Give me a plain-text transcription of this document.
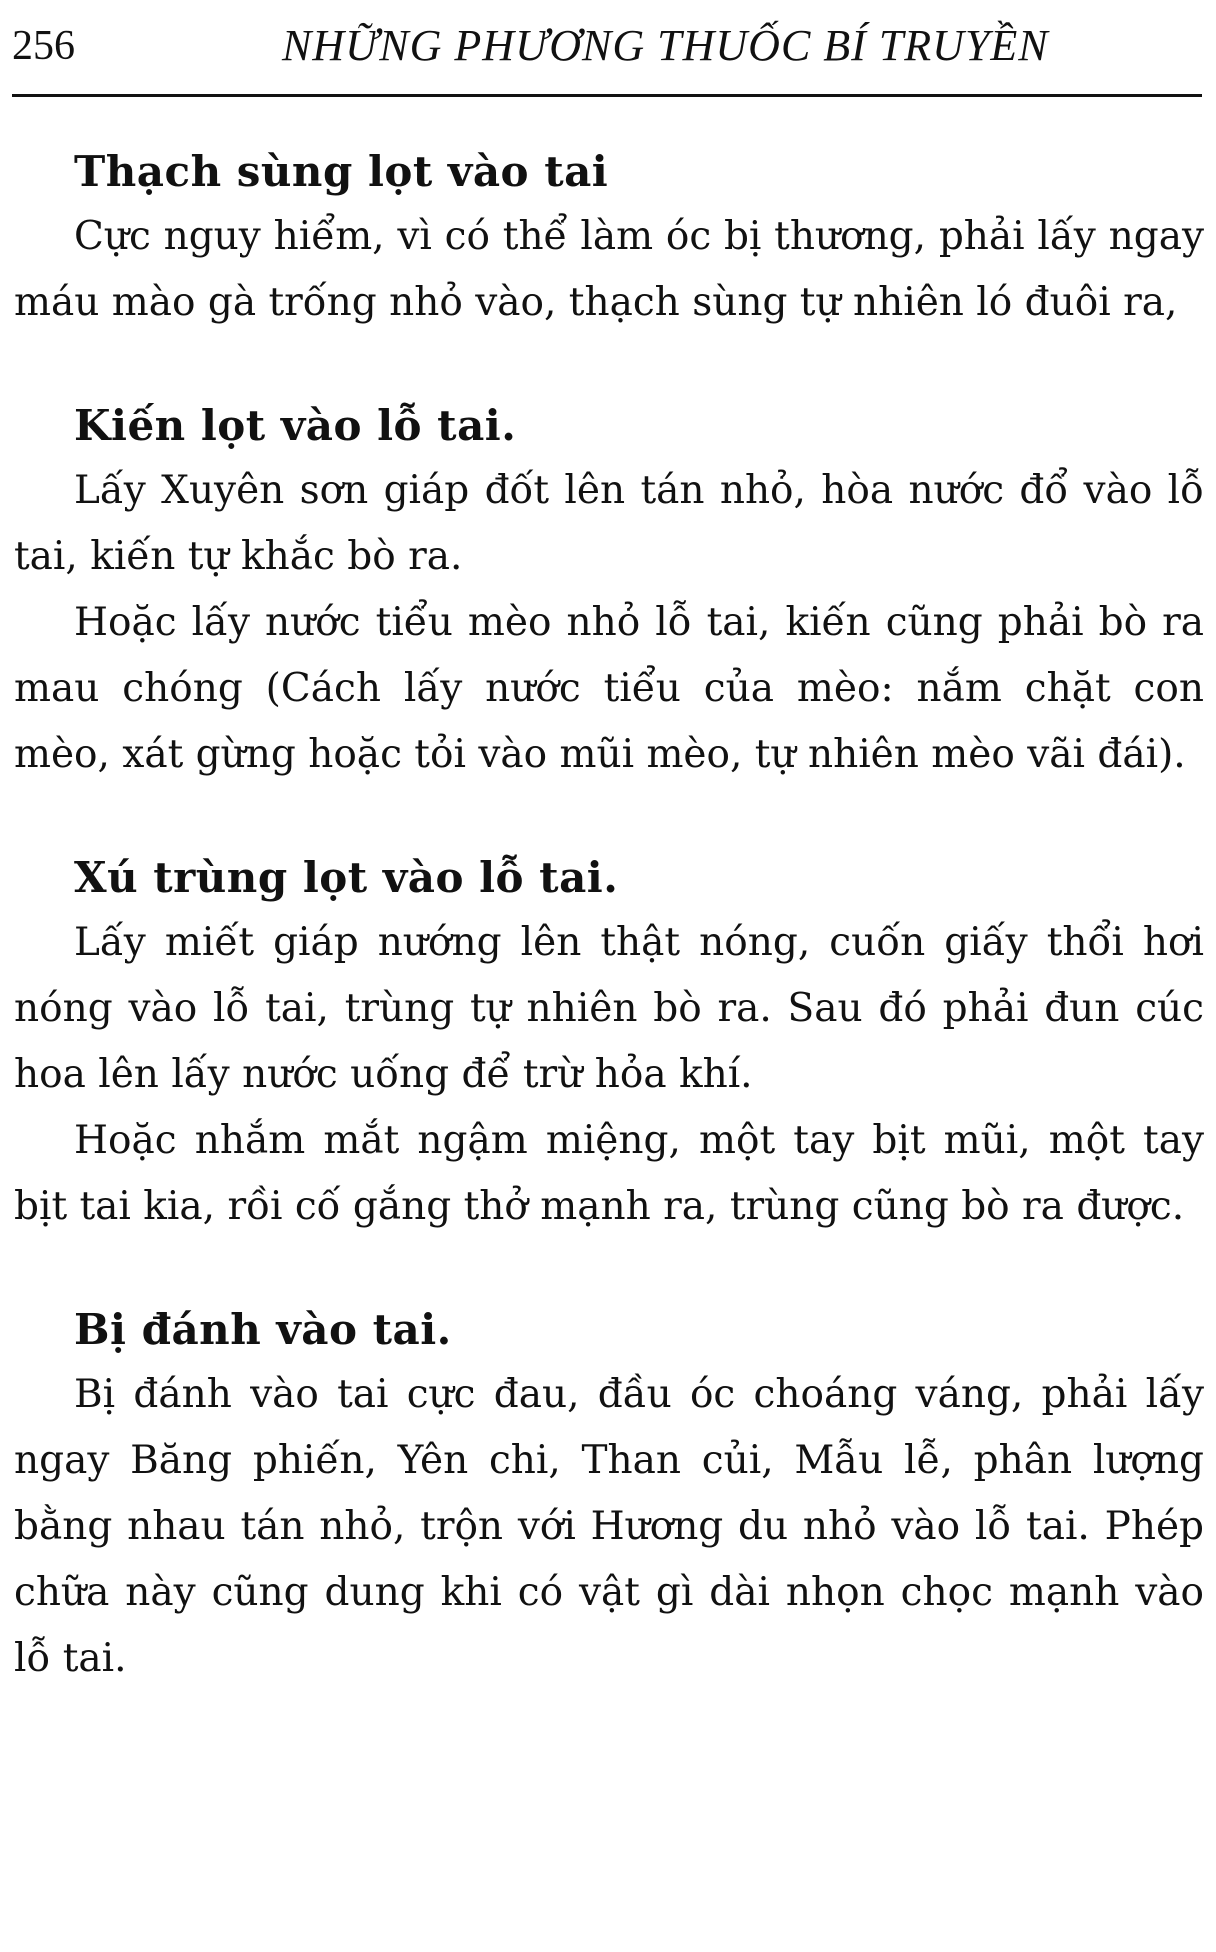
256	NHỮNG PHƯƠNG THUỐC BÍ TRUYỀN
Thạch sùng lọt vào tai

Cực nguy hiểm, vì có thể làm óc bị thương, phải lấy ngay máu mào gà trống nhỏ vào, thạch sùng tự nhiên ló đuôi ra,

Kiến lọt vào lỗ tai.

Lấy Xuyên sơn giáp đốt lên tán nhỏ, hòa nước đổ vào lỗ tai, kiến tự khắc bò ra.

Hoặc lấy nước tiểu mèo nhỏ lỗ tai, kiến cũng phải bò ra mau chóng (Cách lấy nước tiểu của mèo: nắm chặt con mèo, xát gừng hoặc tỏi vào mũi mèo, tự nhiên mèo vãi đái).

Xú trùng lọt vào lỗ tai.

Lấy miết giáp nướng lên thật nóng, cuốn giấy thổi hơi nóng vào lỗ tai, trùng tự nhiên bò ra. Sau đó phải đun cúc hoa lên lấy nước uống để trừ hỏa khí.

Hoặc nhắm mắt ngậm miệng, một tay bịt mũi, một tay bịt tai kia, rồi cố gắng thở mạnh ra, trùng cũng bò ra được.

Bị đánh vào tai.

Bị đánh vào tai cực đau, đầu óc choáng váng, phải lấy ngay Băng phiến, Yên chi, Than củi, Mẫu lễ, phân lượng bằng nhau tán nhỏ, trộn với Hương du nhỏ vào lỗ tai. Phép chữa này cũng dung khi có vật gì dài nhọn chọc mạnh vào lỗ tai.
